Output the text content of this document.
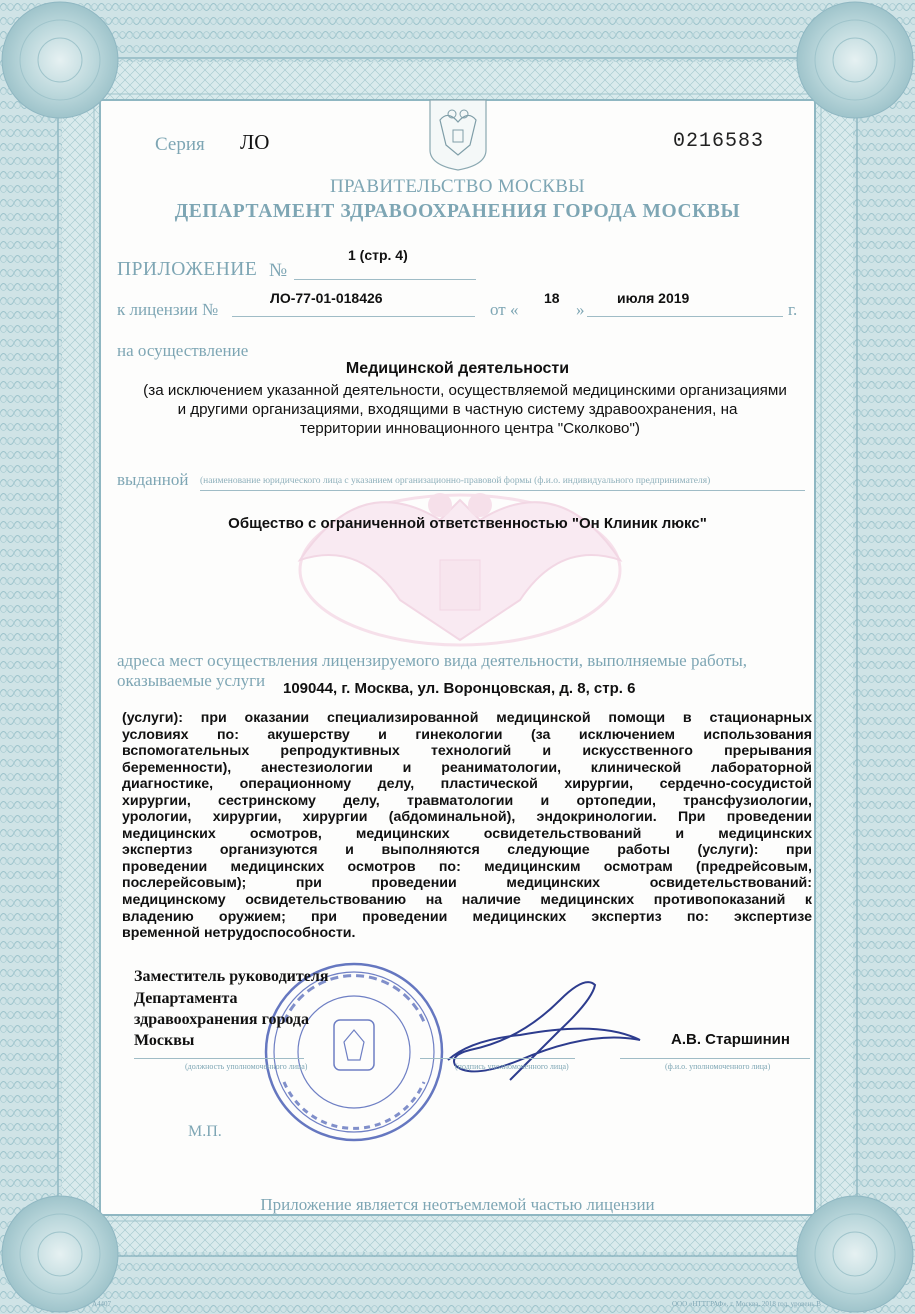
Серия ЛО	0216583
ПРАВИТЕЛЬСТВО МОСКВЫ
ДЕПАРТАМЕНТ ЗДРАВООХРАНЕНИЯ ГОРОДА МОСКВЫ
1 (стр. 4)
ПРИЛОЖЕНИЕ №
к лицензии №
ЛО-77-01-018426
от «
18
»
июля 2019
г.
на осуществление
Медицинской деятельности
(за исключением указанной деятельности, осуществляемой медицинскими организациями
и другими организациями, входящими в частную систему здравоохранения, на
территории инновационного центра "Сколково")
выданной (наименование юридического лица с указанием организационно-правовой формы (ф.и.о. индивидуального предпринимателя)
Общество с ограниченной ответственностью "Он Клиник люкс"
адреса мест осуществления лицензируемого вида деятельности, выполняемые работы,
оказываемые услуги 109044, г. Москва, ул. Воронцовская, д. 8, стр. 6
(услуги): при оказании специализированной медицинской помощи в стационарных
условиях по: акушерству и гинекологии (за исключением использования
вспомогательных репродуктивных технологий и искусственного прерывания
беременности), анестезиологии и реаниматологии, клинической лабораторной
диагностике, операционному делу, пластической хирургии, сердечно-сосудистой
хирургии, сестринскому делу, травматологии и ортопедии, трансфузиологии,
урологии, хирургии, хирургии (абдоминальной), эндокринологии. При проведении
медицинских осмотров, медицинских освидетельствований и медицинских
экспертиз организуются и выполняются следующие работы (услуги): при
проведении медицинских осмотров по: медицинским осмотрам (предрейсовым,
послерейсовым); при проведении медицинских освидетельствований:
медицинскому освидетельствованию на наличие медицинских противопоказаний к
владению оружием; при проведении медицинских экспертиз по: экспертизе
временной нетрудоспособности.
Заместитель руководителя
Департамента
здравоохранения города
Москвы	А.В. Старшинин
(должность уполномоченного лица)	(подпись уполномоченного лица)	(ф.и.о. уполномоченного лица)
М.П.
Приложение является неотъемлемой частью лицензии
А4407	ООО «НТТГРАФ», г. Москва, 2018 год, уровень В
